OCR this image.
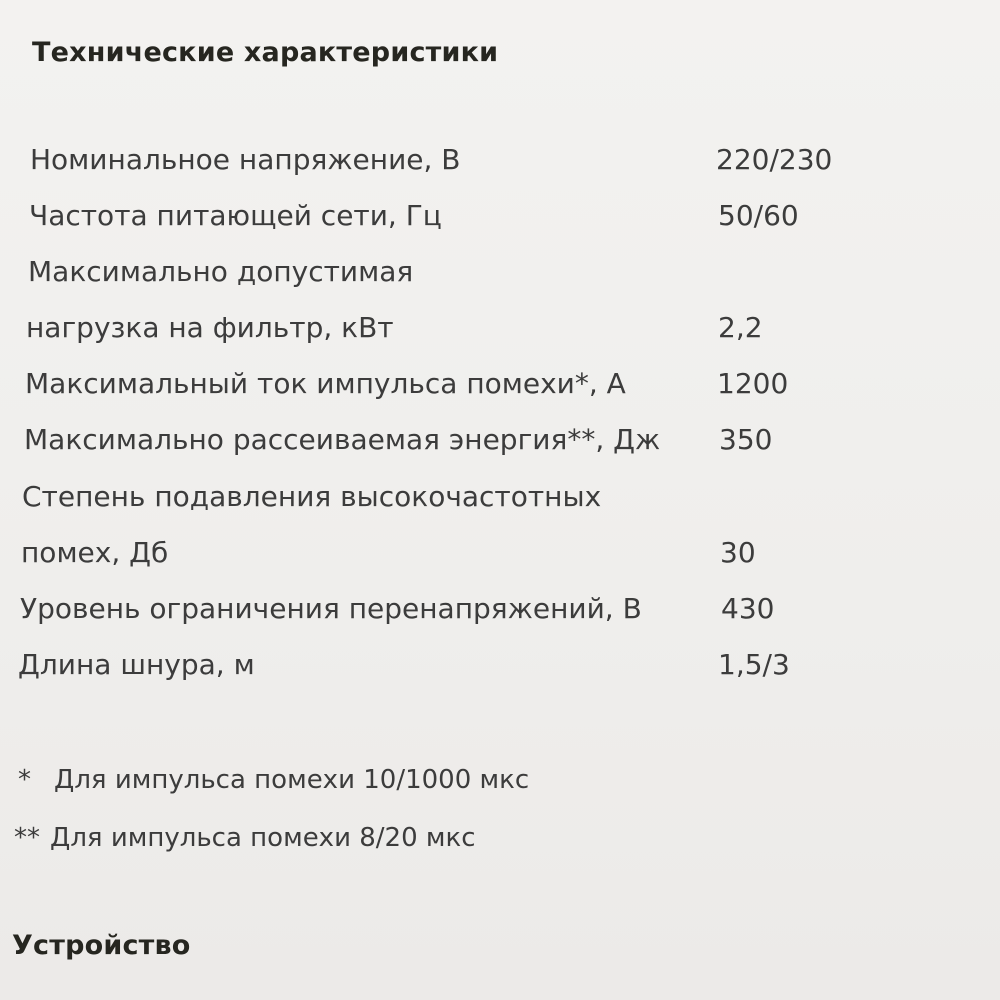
Технические характеристики
Номинальное напряжение, В	220/230
Частота питающей сети, Гц	50/60
Максимально допустимая
нагрузка на фильтр, кВт	2,2
Максимальный ток импульса помехи*, А	1200
Максимально рассеиваемая энергия**, Дж 350
Степень подавления высокочастотных
помех, Дб	30
Уровень ограничения перенапряжений, В	430
Длина шнура, м	1,5/3
* Для импульса помехи 10/1000 мкс
** Для импульса помехи 8/20 мкс
Устройство
